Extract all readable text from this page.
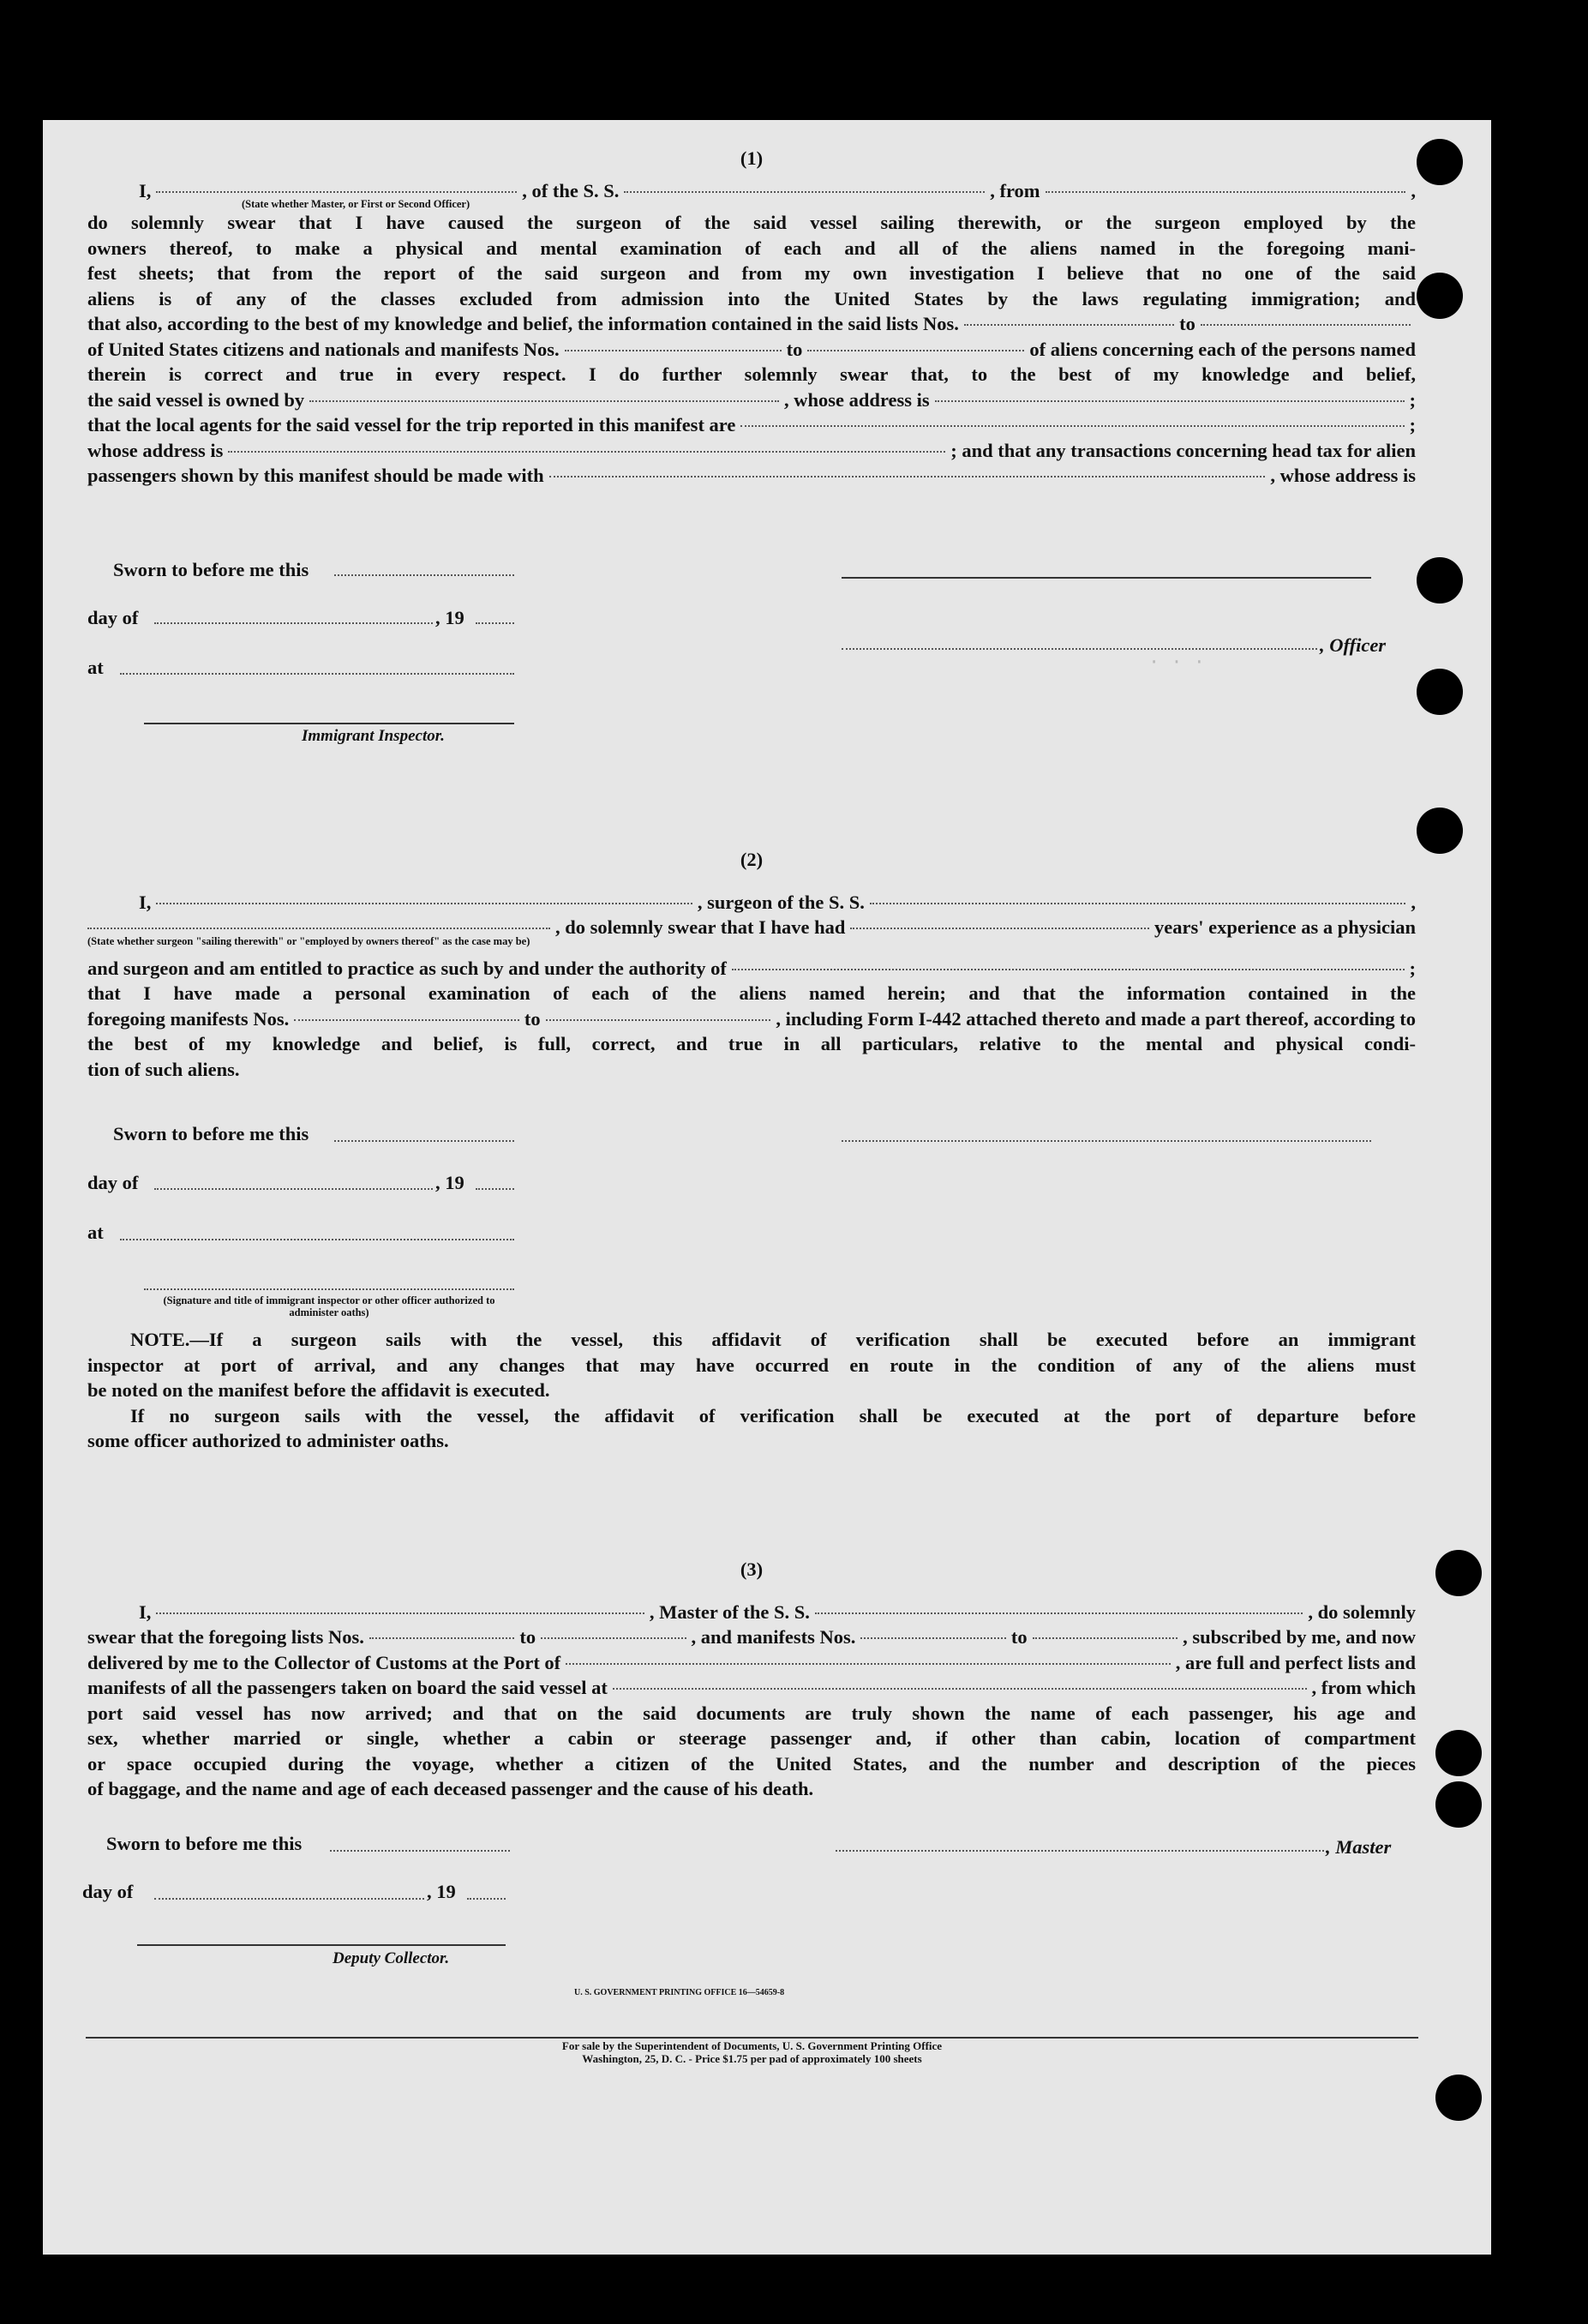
· · ·
(1)
I,	, of the S. S.	, from	,
(State whether Master, or First or Second Officer)
do solemnly swear that I have caused the surgeon of the said vessel sailing therewith, or the surgeon employed by the
owners thereof, to make a physical and mental examination of each and all of the aliens named in the foregoing mani-
fest sheets; that from the report of the said surgeon and from my own investigation I believe that no one of the said
aliens is of any of the classes excluded from admission into the United States by the laws regulating immigration; and
that also, according to the best of my knowledge and belief, the information contained in the said lists Nos.	to
of United States citizens and nationals and manifests Nos.	to	of aliens concerning each of the persons named
therein is correct and true in every respect. I do further solemnly swear that, to the best of my knowledge and belief,
the said vessel is owned by	, whose address is	;
that the local agents for the said vessel for the trip reported in this manifest are	;
whose address is	; and that any transactions concerning head tax for alien
passengers shown by this manifest should be made with	, whose address is
Sworn to before me this
day of	, 19
, Officer
at
Immigrant Inspector.
(2)
I,	, surgeon of the S. S.	,
, do solemnly swear that I have had	years' experience as a physician
(State whether surgeon "sailing therewith" or "employed by owners thereof" as the case may be)
and surgeon and am entitled to practice as such by and under the authority of	;
that I have made a personal examination of each of the aliens named herein; and that the information contained in the
foregoing manifests Nos.	to	, including Form I-442 attached thereto and made a part thereof, according to
the best of my knowledge and belief, is full, correct, and true in all particulars, relative to the mental and physical condi-
tion of such aliens.
Sworn to before me this
day of	, 19
at
(Signature and title of immigrant inspector or other officer authorized to administer oaths)
NOTE.—If a surgeon sails with the vessel, this affidavit of verification shall be executed before an immigrant
inspector at port of arrival, and any changes that may have occurred en route in the condition of any of the aliens must
be noted on the manifest before the affidavit is executed.
If no surgeon sails with the vessel, the affidavit of verification shall be executed at the port of departure before
some officer authorized to administer oaths.
(3)
I,	, Master of the S. S.	, do solemnly
swear that the foregoing lists Nos.	to	, and manifests Nos.	to	, subscribed by me, and now
delivered by me to the Collector of Customs at the Port of	, are full and perfect lists and
manifests of all the passengers taken on board the said vessel at	, from which
port said vessel has now arrived; and that on the said documents are truly shown the name of each passenger, his age and
sex, whether married or single, whether a cabin or steerage passenger and, if other than cabin, location of compartment
or space occupied during the voyage, whether a citizen of the United States, and the number and description of the pieces
of baggage, and the name and age of each deceased passenger and the cause of his death.
Sworn to before me this	, Master
day of	, 19
Deputy Collector.
U. S. GOVERNMENT PRINTING OFFICE 16—54659-8
For sale by the Superintendent of Documents, U. S. Government Printing Office
Washington, 25, D. C. - Price $1.75 per pad of approximately 100 sheets
